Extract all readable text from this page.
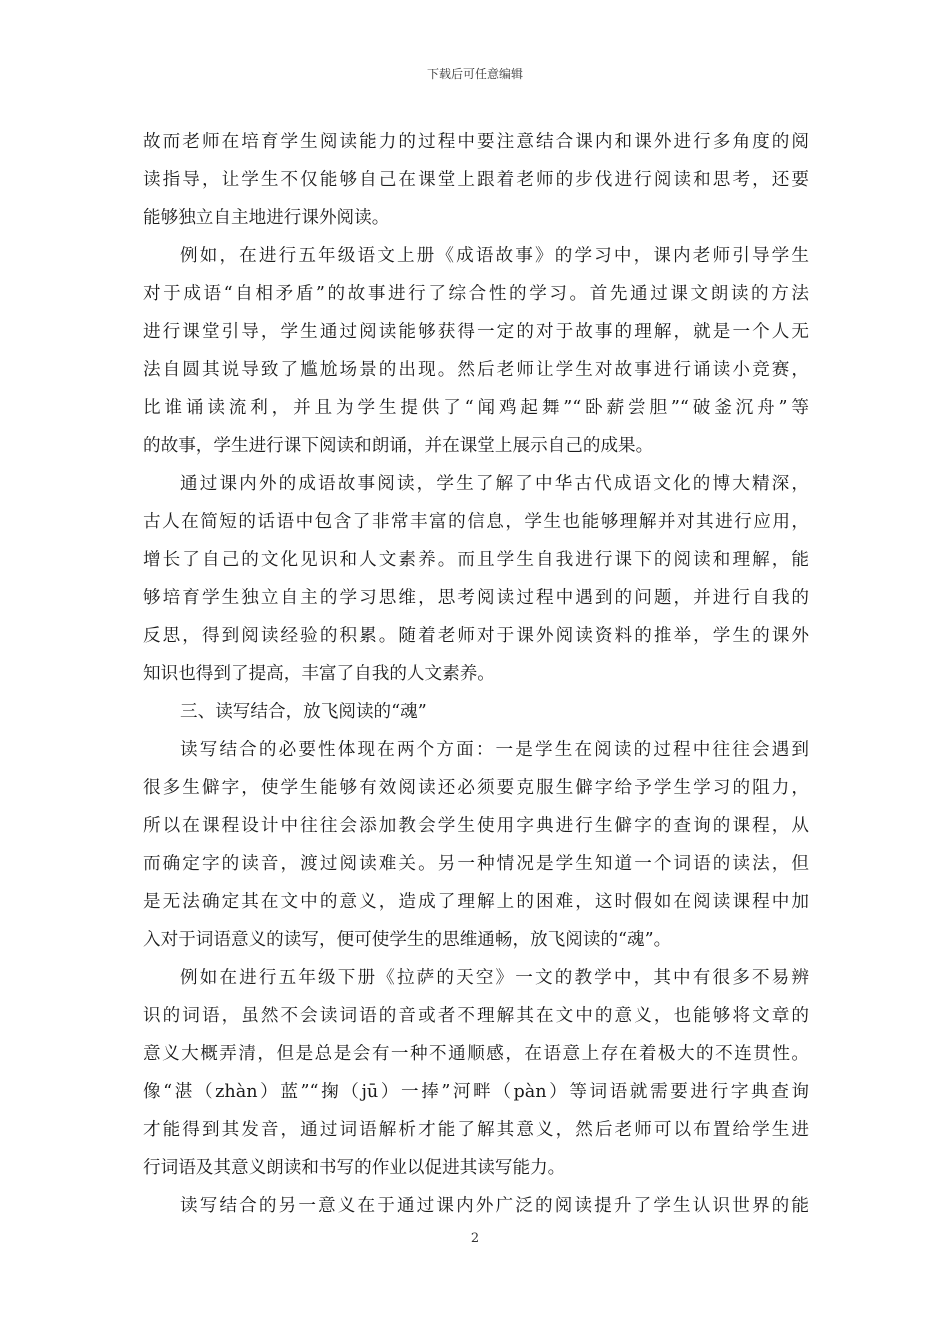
下载后可任意编辑
故而老师在培育学生阅读能力的过程中要注意结合课内和课外进行多角度的阅
读指导，让学生不仅能够自己在课堂上跟着老师的步伐进行阅读和思考，还要
能够独立自主地进行课外阅读。
例如，在进行五年级语文上册《成语故事》的学习中，课内老师引导学生
对于成语“自相矛盾”的故事进行了综合性的学习。首先通过课文朗读的方法
进行课堂引导，学生通过阅读能够获得一定的对于故事的理解，就是一个人无
法自圆其说导致了尴尬场景的出现。然后老师让学生对故事进行诵读小竞赛，
比谁诵读流利，并且为学生提供了“闻鸡起舞”“卧薪尝胆”“破釜沉舟”等
的故事，学生进行课下阅读和朗诵，并在课堂上展示自己的成果。
通过课内外的成语故事阅读，学生了解了中华古代成语文化的博大精深，
古人在简短的话语中包含了非常丰富的信息，学生也能够理解并对其进行应用，
增长了自己的文化见识和人文素养。而且学生自我进行课下的阅读和理解，能
够培育学生独立自主的学习思维，思考阅读过程中遇到的问题，并进行自我的
反思，得到阅读经验的积累。随着老师对于课外阅读资料的推举，学生的课外
知识也得到了提高，丰富了自我的人文素养。
三、读写结合，放飞阅读的“魂”
读写结合的必要性体现在两个方面：一是学生在阅读的过程中往往会遇到
很多生僻字，使学生能够有效阅读还必须要克服生僻字给予学生学习的阻力，
所以在课程设计中往往会添加教会学生使用字典进行生僻字的查询的课程，从
而确定字的读音，渡过阅读难关。另一种情况是学生知道一个词语的读法，但
是无法确定其在文中的意义，造成了理解上的困难，这时假如在阅读课程中加
入对于词语意义的读写，便可使学生的思维通畅，放飞阅读的“魂”。
例如在进行五年级下册《拉萨的天空》一文的教学中，其中有很多不易辨
识的词语，虽然不会读词语的音或者不理解其在文中的意义，也能够将文章的
意义大概弄清，但是总是会有一种不通顺感，在语意上存在着极大的不连贯性。
像“湛（zhàn）蓝”“掬（jū）一捧”河畔（pàn）等词语就需要进行字典查询
才能得到其发音，通过词语解析才能了解其意义，然后老师可以布置给学生进
行词语及其意义朗读和书写的作业以促进其读写能力。
读写结合的另一意义在于通过课内外广泛的阅读提升了学生认识世界的能
2
